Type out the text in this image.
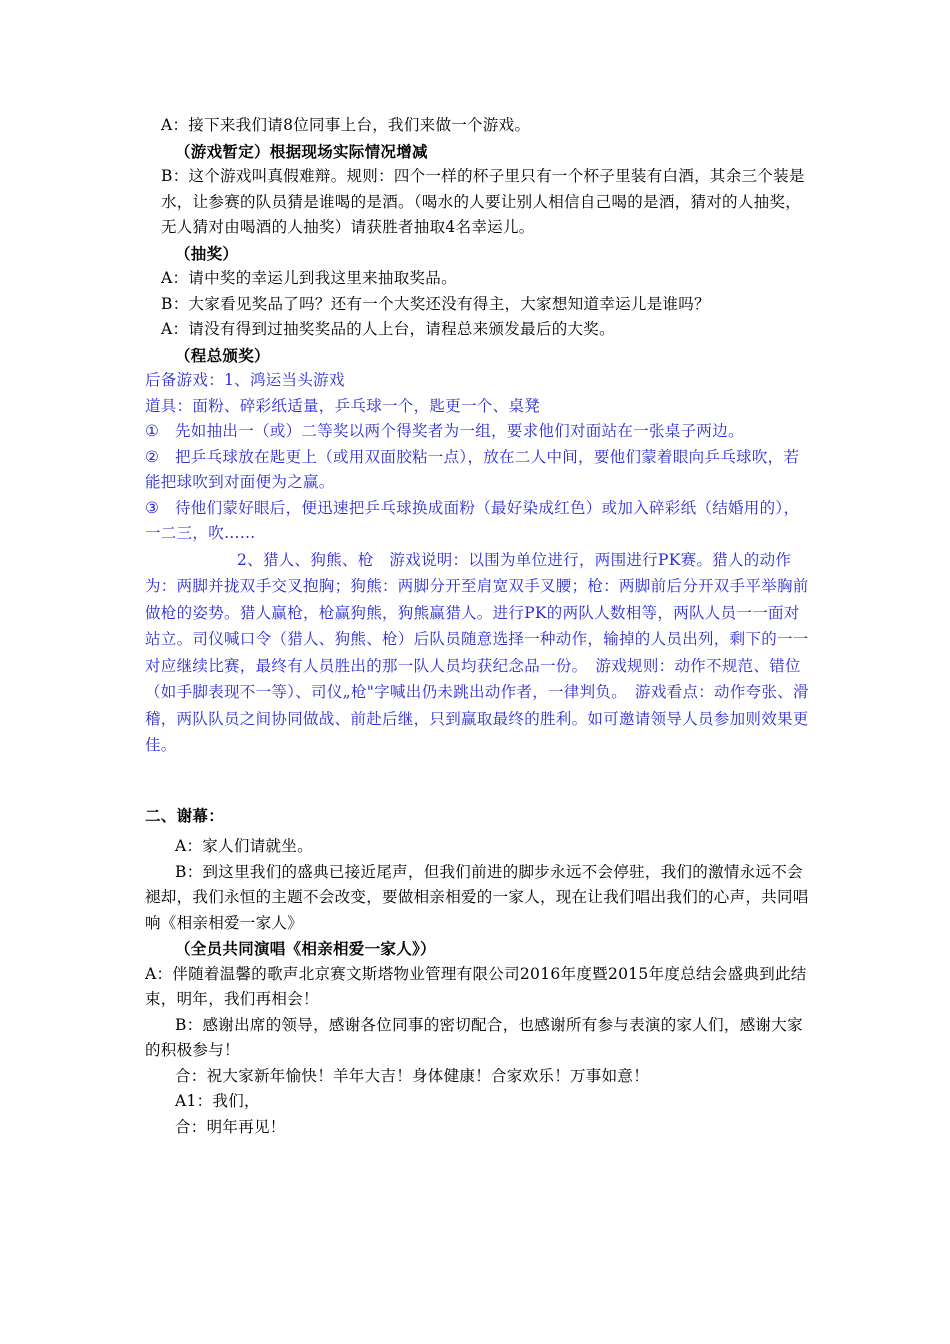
A：接下来我们请8位同事上台，我们来做一个游戏。

（游戏暂定）根据现场实际情况增减

B：这个游戏叫真假难辩。规则：四个一样的杯子里只有一个杯子里装有白酒，其余三个装是水，让参赛的队员猜是谁喝的是酒。（喝水的人要让别人相信自己喝的是酒，猜对的人抽奖，无人猜对由喝酒的人抽奖）请获胜者抽取4名幸运儿。

（抽奖）

A：请中奖的幸运儿到我这里来抽取奖品。

B：大家看见奖品了吗？还有一个大奖还没有得主，大家想知道幸运儿是谁吗？

A：请没有得到过抽奖奖品的人上台，请程总来颁发最后的大奖。

（程总颁奖）

后备游戏：1、鸿运当头游戏

道具：面粉、碎彩纸适量，乒乓球一个，匙更一个、桌凳

① 先如抽出一（或）二等奖以两个得奖者为一组，要求他们对面站在一张桌子两边。

② 把乒乓球放在匙更上（或用双面胶粘一点），放在二人中间，要他们蒙着眼向乒乓球吹，若能把球吹到对面便为之赢。

③ 待他们蒙好眼后，便迅速把乒乓球换成面粉（最好染成红色）或加入碎彩纸（结婚用的），一二三，吹……

2、猎人、狗熊、枪　游戏说明：以围为单位进行，两围进行PK赛。猎人的动作为：两脚并拢双手交叉抱胸；狗熊：两脚分开至肩宽双手叉腰；枪：两脚前后分开双手平举胸前做枪的姿势。猎人赢枪，枪赢狗熊，狗熊赢猎人。进行PK的两队人数相等，两队人员一一面对站立。司仪喊口令（猎人、狗熊、枪）后队员随意选择一种动作，输掉的人员出列，剩下的一一对应继续比赛，最终有人员胜出的那一队人员均获纪念品一份。　游戏规则：动作不规范、错位（如手脚表现不一等）、司仪„枪"字喊出仍未跳出动作者，一律判负。　游戏看点：动作夸张、滑稽，两队队员之间协同做战、前赴后继，只到赢取最终的胜利。如可邀请领导人员参加则效果更佳。

二、谢幕：

A：家人们请就坐。

B：到这里我们的盛典已接近尾声，但我们前进的脚步永远不会停驻，我们的激情永远不会褪却，我们永恒的主题不会改变，要做相亲相爱的一家人，现在让我们唱出我们的心声，共同唱响《相亲相爱一家人》

（全员共同演唱《相亲相爱一家人》）

A：伴随着温馨的歌声北京赛文斯塔物业管理有限公司2016年度暨2015年度总结会盛典到此结束，明年，我们再相会！

B：感谢出席的领导，感谢各位同事的密切配合，也感谢所有参与表演的家人们，感谢大家的积极参与！

合：祝大家新年愉快！羊年大吉！身体健康！合家欢乐！万事如意！

A1：我们，

合：明年再见！
